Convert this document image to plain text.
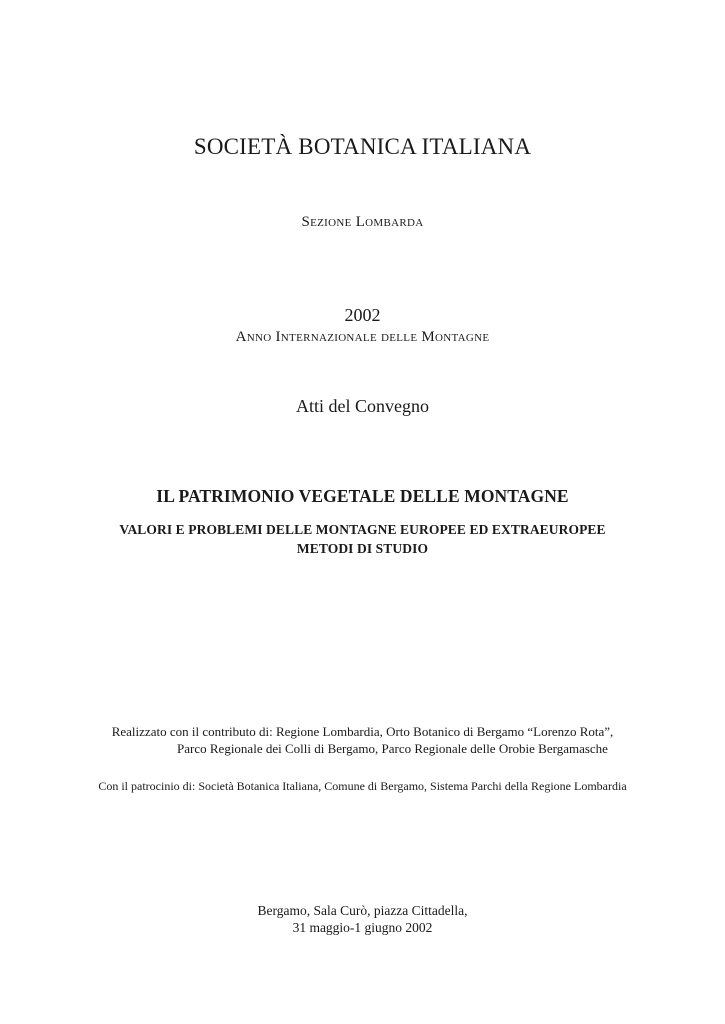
SOCIETÀ BOTANICA ITALIANA
Sezione Lombarda
2002
Anno Internazionale delle Montagne
Atti del Convegno
IL PATRIMONIO VEGETALE DELLE MONTAGNE
VALORI E PROBLEMI DELLE MONTAGNE EUROPEE ED EXTRAEUROPEE
METODI DI STUDIO
Realizzato con il contributo di: Regione Lombardia, Orto Botanico di Bergamo “Lorenzo Rota”,
Parco Regionale dei Colli di Bergamo, Parco Regionale delle Orobie Bergamasche
Con il patrocinio di: Società Botanica Italiana, Comune di Bergamo, Sistema Parchi della Regione Lombardia
Bergamo, Sala Curò, piazza Cittadella,
31 maggio-1 giugno 2002
